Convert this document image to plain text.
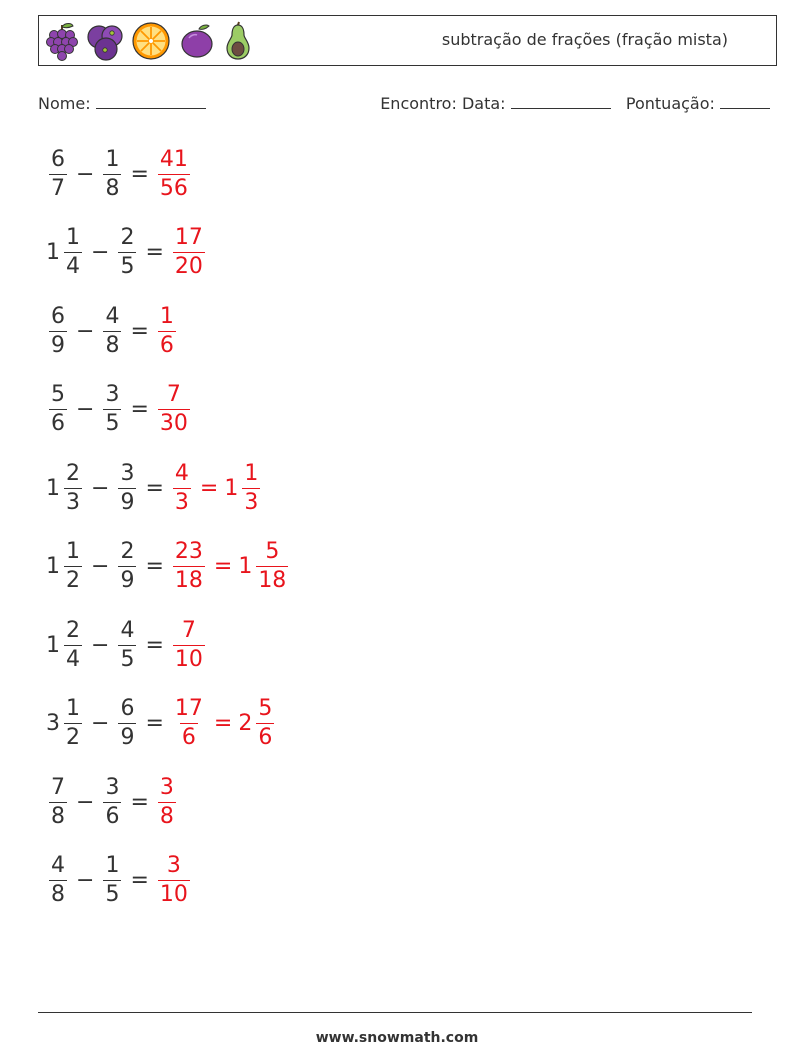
subtração de frações (fração mista)
Nome:	Encontro: Data:	Pontuação:
$\frac{6}{7} - \frac{1}{8} = \frac{41}{56}$
$1 \frac{1}{4} - \frac{2}{5} = \frac{17}{20}$
$\frac{6}{9} - \frac{4}{8} = \frac{1}{6}$
$\frac{5}{6} - \frac{3}{5} = \frac{7}{30}$
$1 \frac{2}{3} - \frac{3}{9} = \frac{4}{3} = 1 \frac{1}{3}$
$1 \frac{1}{2} - \frac{2}{9} = \frac{23}{18} = 1 \frac{5}{18}$
$1 \frac{2}{4} - \frac{4}{5} = \frac{7}{10}$
$3 \frac{1}{2} - \frac{6}{9} = \frac{17}{6} = 2 \frac{5}{6}$
$\frac{7}{8} - \frac{3}{6} = \frac{3}{8}$
$\frac{4}{8} - \frac{1}{5} = \frac{3}{10}$
www.snowmath.com
